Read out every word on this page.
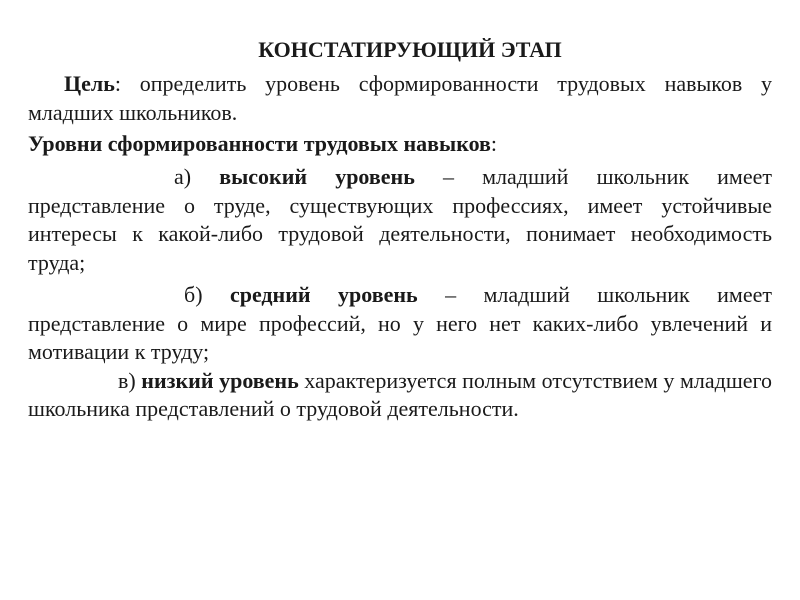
КОНСТАТИРУЮЩИЙ ЭТАП

Цель: определить уровень сформированности трудовых навыков у младших школьников.

Уровни сформированности трудовых навыков:

а) высокий уровень – младший школьник имеет представление о труде, существующих профессиях, имеет устойчивые интересы к какой-либо трудовой деятельности, понимает необходимость труда;

б) средний уровень – младший школьник имеет представление о мире профессий, но у него нет каких-либо увлечений и мотивации к труду;

в) низкий уровень характеризуется полным отсутствием у младшего школьника представлений о трудовой деятельности.
